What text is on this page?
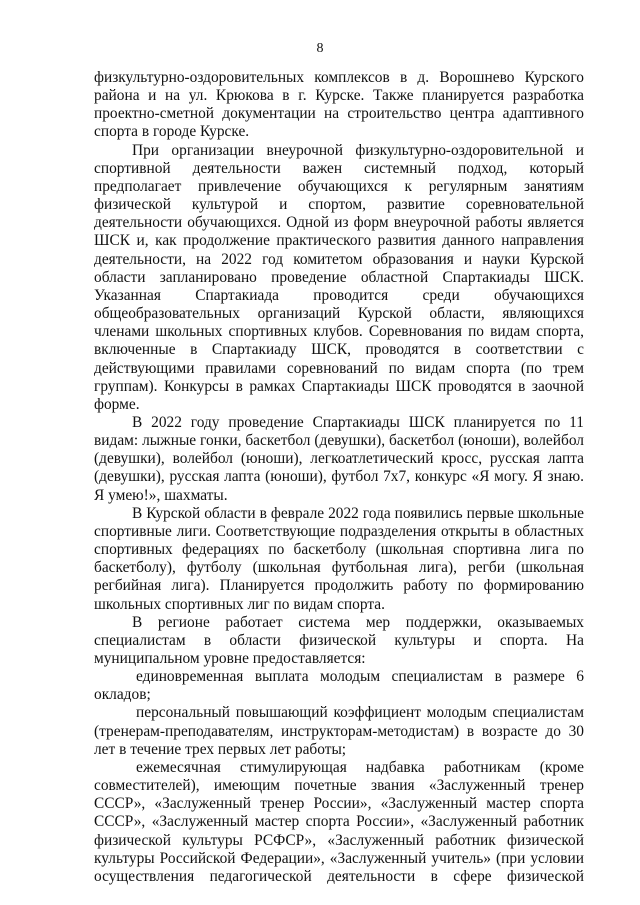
8

физкультурно-оздоровительных комплексов в д. Ворошнево Курского района и на ул. Крюкова в г. Курске. Также планируется разработка проектно-сметной документации на строительство центра адаптивного спорта в городе Курске.

При организации внеурочной физкультурно-оздоровительной и спортивной деятельности важен системный подход, который предполагает привлечение обучающихся к регулярным занятиям физической культурой и спортом, развитие соревновательной деятельности обучающихся. Одной из форм внеурочной работы является ШСК и, как продолжение практического развития данного направления деятельности, на 2022 год комитетом образования и науки Курской области запланировано проведение областной Спартакиады ШСК. Указанная Спартакиада проводится среди обучающихся общеобразовательных организаций Курской области, являющихся членами школьных спортивных клубов. Соревнования по видам спорта, включенные в Спартакиаду ШСК, проводятся в соответствии с действующими правилами соревнований по видам спорта (по трем группам). Конкурсы в рамках Спартакиады ШСК проводятся в заочной форме.

В 2022 году проведение Спартакиады ШСК планируется по 11 видам: лыжные гонки, баскетбол (девушки), баскетбол (юноши), волейбол (девушки), волейбол (юноши), легкоатлетический кросс, русская лапта (девушки), русская лапта (юноши), футбол 7х7, конкурс «Я могу. Я знаю. Я умею!», шахматы.

В Курской области в феврале 2022 года появились первые школьные спортивные лиги. Соответствующие подразделения открыты в областных спортивных федерациях по баскетболу (школьная спортивна лига по баскетболу), футболу (школьная футбольная лига), регби (школьная регбийная лига). Планируется продолжить работу по формированию школьных спортивных лиг по видам спорта.

В регионе работает система мер поддержки, оказываемых специалистам в области физической культуры и спорта. На муниципальном уровне предоставляется:

единовременная выплата молодым специалистам в размере 6 окладов;

персональный повышающий коэффициент молодым специалистам (тренерам-преподавателям, инструкторам-методистам) в возрасте до 30 лет в течение трех первых лет работы;

ежемесячная стимулирующая надбавка работникам (кроме совместителей), имеющим почетные звания «Заслуженный тренер СССР», «Заслуженный тренер России», «Заслуженный мастер спорта СССР», «Заслуженный мастер спорта России», «Заслуженный работник физической культуры РСФСР», «Заслуженный работник физической культуры Российской Федерации», «Заслуженный учитель» (при условии осуществления педагогической деятельности в сфере физической
